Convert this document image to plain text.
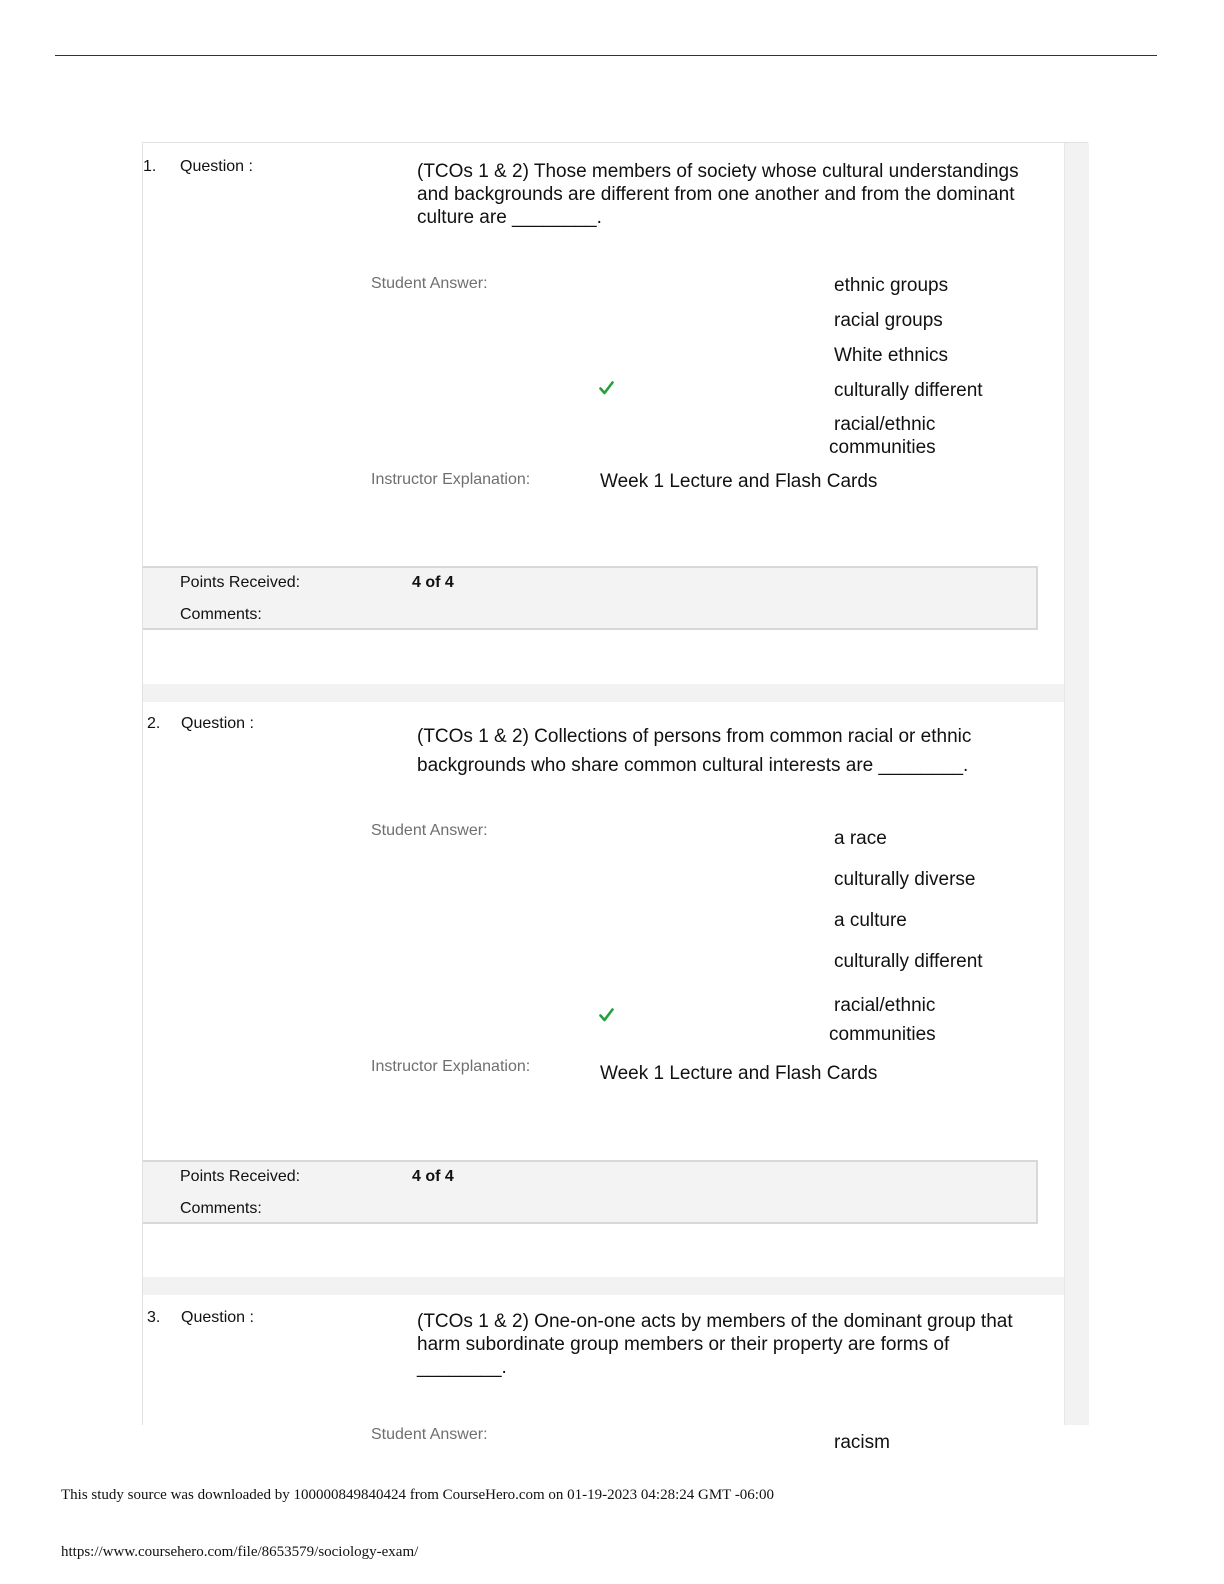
1. Question :	(TCOs 1 & 2) Those members of society whose cultural understandings
and backgrounds are different from one another and from the dominant
culture are ________.
Student Answer:	ethnic groups
racial groups
White ethnics
culturally different
racial/ethnic communities
Instructor Explanation:	Week 1 Lecture and Flash Cards
Points Received:	4 of 4
Comments:
2. Question :
(TCOs 1 & 2) Collections of persons from common racial or ethnic
backgrounds who share common cultural interests are ________.
Student Answer:	a race
culturally diverse
a culture
culturally different
racial/ethnic communities
Instructor Explanation:	Week 1 Lecture and Flash Cards
Points Received:	4 of 4
Comments:
3. Question :	(TCOs 1 & 2) One-on-one acts by members of the dominant group that
harm subordinate group members or their property are forms of
________.
Student Answer:	racism
This study source was downloaded by 100000849840424 from CourseHero.com on 01-19-2023 04:28:24 GMT -06:00
https://www.coursehero.com/file/8653579/sociology-exam/
